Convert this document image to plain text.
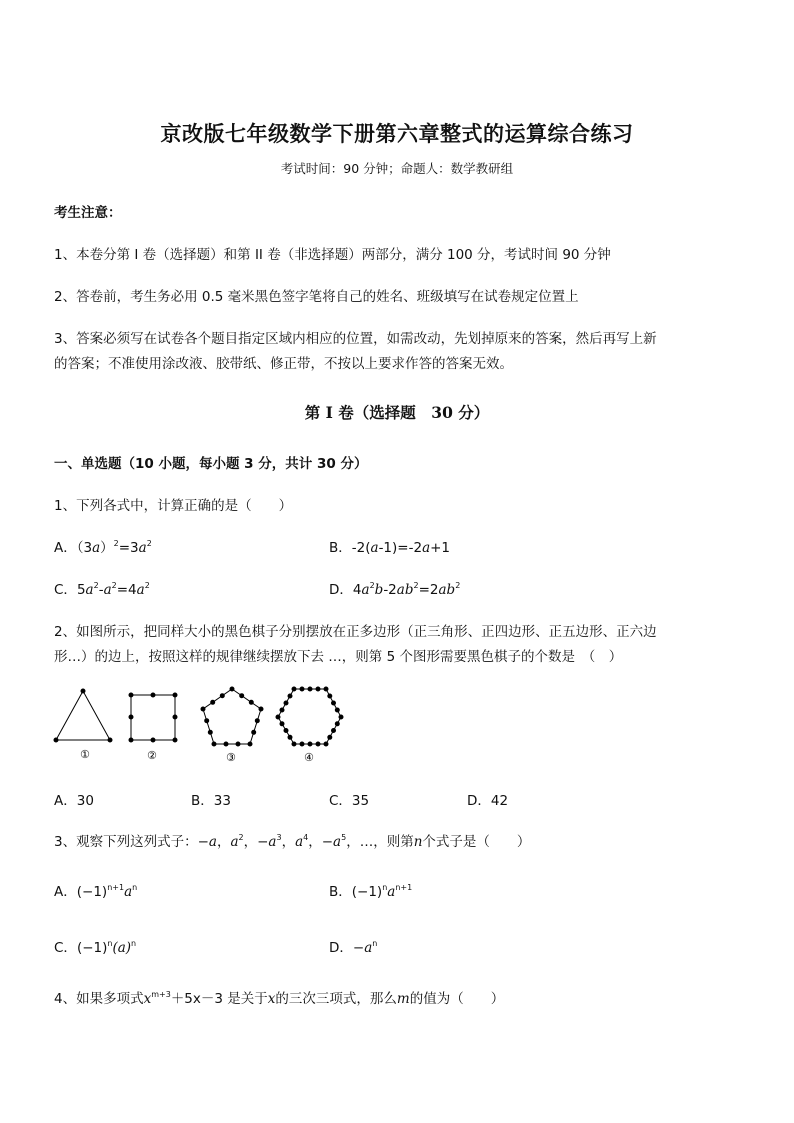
京改版七年级数学下册第六章整式的运算综合练习
考试时间：90 分钟；命题人：数学教研组
考生注意：
1、本卷分第 I 卷（选择题）和第 II 卷（非选择题）两部分，满分 100 分，考试时间 90 分钟
2、答卷前，考生务必用 0.5 毫米黑色签字笔将自己的姓名、班级填写在试卷规定位置上
3、答案必须写在试卷各个题目指定区域内相应的位置，如需改动，先划掉原来的答案，然后再写上新
的答案；不准使用涂改液、胶带纸、修正带，不按以上要求作答的答案无效。
第 I 卷（选择题　30 分）
一、单选题（10 小题，每小题 3 分，共计 30 分）
1、下列各式中，计算正确的是（　　）
A．$(3a)^2=3a^2$	B．-2(a-1)=-2a+1
C．$5a^2-a^2=4a^2$	D．$4a^2b-2ab^2=2ab^2$
2、如图所示，把同样大小的黑色棋子分别摆放在正多边形（正三角形、正四边形、正五边形、正六边
形…）的边上，按照这样的规律继续摆放下去 …，则第 5 个图形需要黑色棋子的个数是　（　）
①	②	③	④
A．30	B．33	C．35	D．42
3、观察下列这列式子：−a，$a^2$，$-a^3$，$a^4$，$-a^5$，…，则第n个式子是（　　）
A．$(-1)^{n+1}a^n$	B．$(-1)^na^{n+1}$
C．$(-1)^n(a)^n$	D．$-a^n$
4、如果多项式$x^{m+3}+5x-3$ 是关于x的三次三项式，那么m的值为（　　）
